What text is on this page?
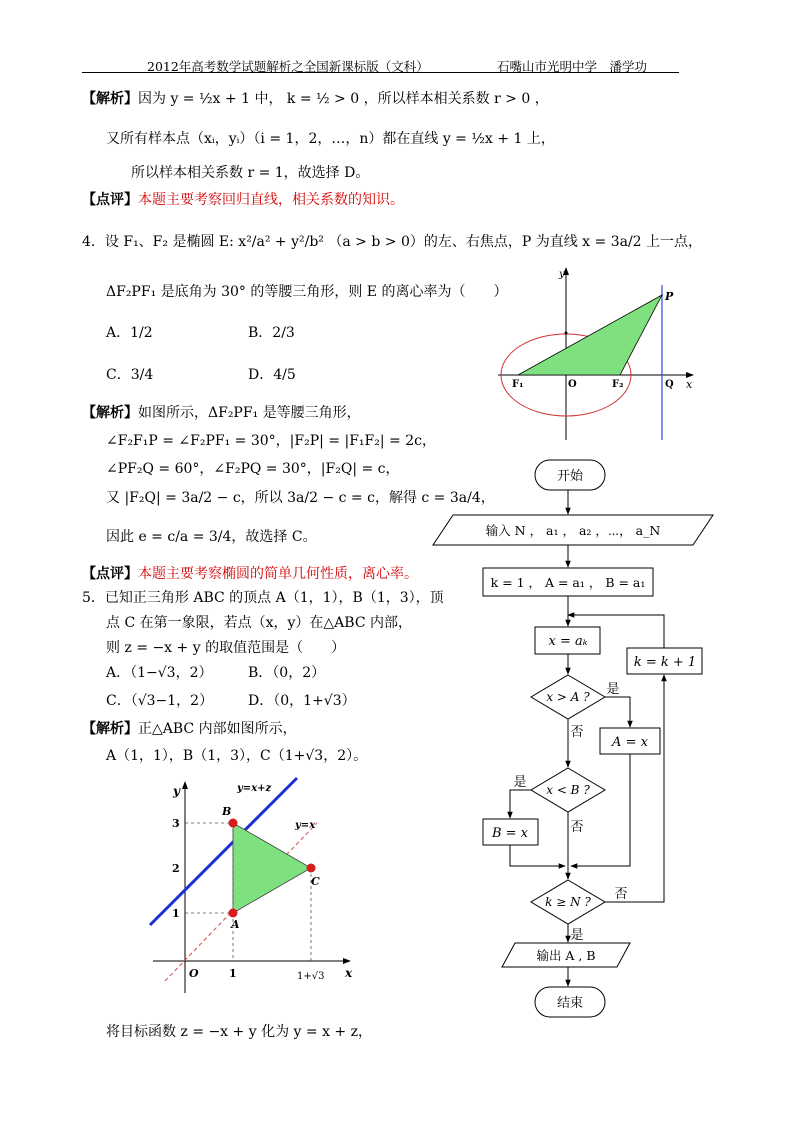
2012年高考数学试题解析之全国新课标版（文科）	石嘴山市光明中学　潘学功
【解析】因为 y = ½x + 1 中， k = ½ > 0 ，所以样本相关系数 r > 0 ，
又所有样本点（xᵢ，yᵢ）（i = 1，2，…，n）都在直线 y = ½x + 1 上，
所以样本相关系数 r = 1，故选择 D。
【点评】本题主要考察回归直线，相关系数的知识。
4．设 F₁、F₂ 是椭圆 E: x²/a² + y²/b² （a > b > 0）的左、右焦点，P 为直线 x = 3a/2 上一点，
ΔF₂PF₁ 是底角为 30° 的等腰三角形，则 E 的离心率为（　　）
A．1/2	B．2/3
C．3/4	D．4/5
【解析】如图所示，ΔF₂PF₁ 是等腰三角形，
∠F₂F₁P = ∠F₂PF₁ = 30°，|F₂P| = |F₁F₂| = 2c，
∠PF₂Q = 60°，∠F₂PQ = 30°，|F₂Q| = c，
又 |F₂Q| = 3a/2 − c，所以 3a/2 − c = c，解得 c = 3a/4，
因此 e = c/a = 3/4，故选择 C。
【点评】本题主要考察椭圆的简单几何性质，离心率。
y
x
P
F₁	O	F₂	Q
5．已知正三角形 ABC 的顶点 A（1，1），B（1，3），顶
点 C 在第一象限，若点（x，y）在△ABC 内部，
则 z = −x + y 的取值范围是（　　）
A．（1−√3，2）	B．（0，2）
C．（√3−1，2） D．（0，1+√3）
【解析】正△ABC 内部如图所示，
A（1，1），B（1，3），C（1+√3，2）。
将目标函数 z = −x + y 化为 y = x + z，
y
x
O	1	1+√3
1
2
3
B
C
A
y=x+z
y=x
开始
输入 N ， a₁ ， a₂ ，⋯， a_N
k = 1 ， A = a₁ ， B = a₁
x = aₖ
k = k + 1
x > A ? 是
否
A = x
x < B ?
是
否
B = x
k ≥ N ? 否
是
输出 A , B
结束
